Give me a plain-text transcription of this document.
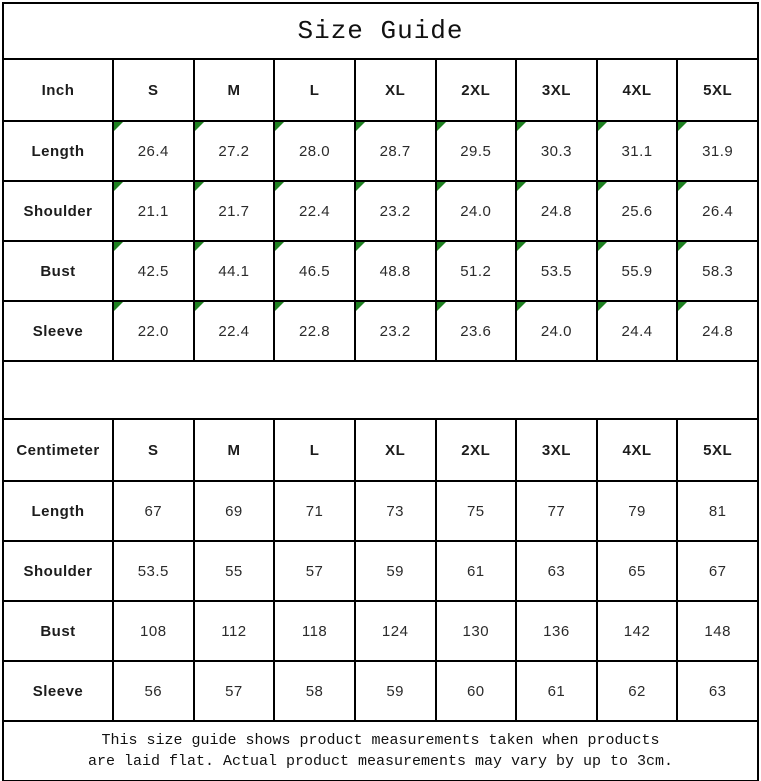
Size Guide								
Inch	S	M	L	XL	2XL	3XL	4XL	5XL
Length	26.4	27.2	28.0	28.7	29.5	30.3	31.1	31.9

Shoulder	21.1	21.7	22.4	23.2	24.0	24.8	25.6	26.4

Bust	42.5	44.1	46.5	48.8	51.2	53.5	55.9	58.3

Sleeve	22.0	22.4	22.8	23.2	23.6	24.0	24.4	24.8

Centimeter	S	M	L	XL	2XL	3XL	4XL	5XL
Length	67	69	71	73	75	77	79	81
Shoulder	53.5	55	57	59	61	63	65	67
Bust	108	112	118	124	130	136	142	148
Sleeve	56	57	58	59	60	61	62	63

This size guide shows product measurements taken when products
are laid flat. Actual product measurements may vary by up to 3cm.								
